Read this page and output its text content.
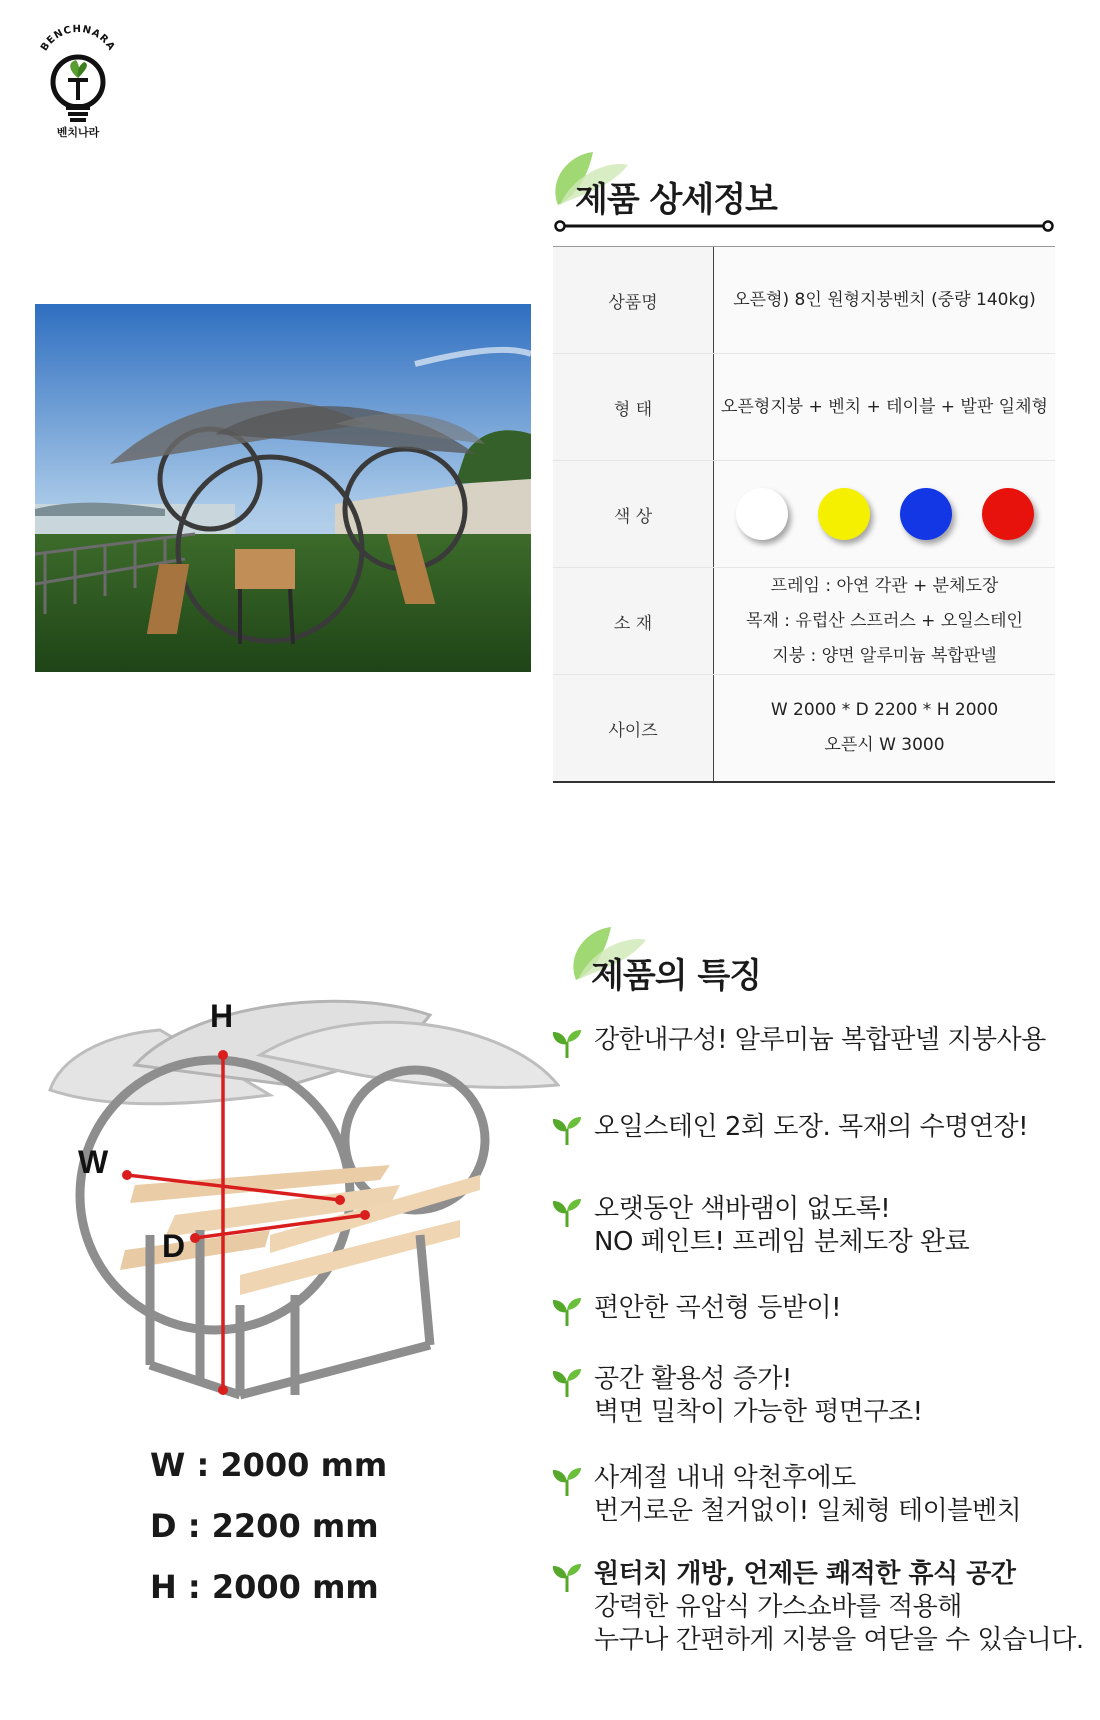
BENCHNARA
벤치나라
제품 상세정보
상품명	오픈형) 8인 원형지붕벤치 (중량 140kg)
형 태	오픈형지붕 + 벤치 + 테이블 + 발판 일체형
색 상
소 재
프레임 : 아연 각관 + 분체도장
목재 : 유럽산 스프러스 + 오일스테인
지붕 : 양면 알루미늄 복합판넬
사이즈
W 2000 * D 2200 * H 2000
오픈시 W 3000
제품의 특징
강한내구성! 알루미늄 복합판넬 지붕사용
오일스테인 2회 도장. 목재의 수명연장!
오랫동안 색바램이 없도록!
NO 페인트! 프레임 분체도장 완료
편안한 곡선형 등받이!
공간 활용성 증가!
벽면 밀착이 가능한 평면구조!
사계절 내내 악천후에도
번거로운 철거없이! 일체형 테이블벤치
원터치 개방, 언제든 쾌적한 휴식 공간
강력한 유압식 가스쇼바를 적용해
누구나 간편하게 지붕을 여닫을 수 있습니다.
H
W
D
W : 2000 mm
D : 2200 mm
H : 2000 mm
